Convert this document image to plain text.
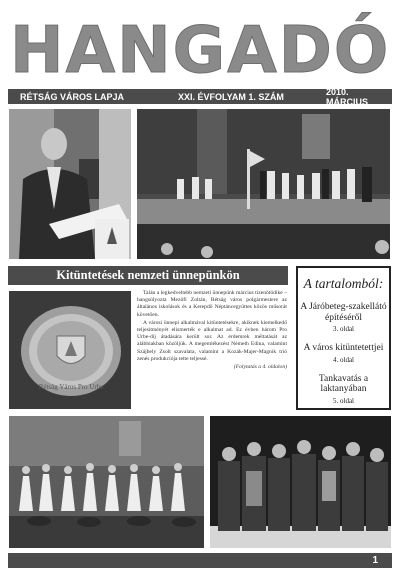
HANGADÓ
RÉTSÁG VÁROS LAPJA	XXI. ÉVFOLYAM 1. SZÁM	2010. MÁRCIUS
Kitüntetések nemzeti ünnepünkön
Rétság Város Pro Urbe

Talán a legkedveltebb nemzeti ünnepünk március tizenötödike – hangsúlyozta Mezőfi Zoltán, Rétság város polgármestere az általános iskolások és a Kerepdő Néptáncegyüttes közös műsorát követően.

A városi ünnepi alkalmával kitüntetésekre, akiknek kiemelkedő teljesítményét elismerték e alkalmat ad. Ez évben három Pro Urbe-díj átadására került sor. Az érdemrek méltatását az alábbiakban közöljük. A megemlékezést Németh Edina, valamint Szájbely Zsolt szavalata, valamint a Kozák-Majer-Magnik trió zenés produkciója tette teljessé.

(Folytatás a 4. oldalon)

A tartalomból:
A Járóbeteg-szakellátó építéséről
3. oldal
A város kitüntetettjei
4. oldal
Tankavatás a laktanyában
5. oldal
1
